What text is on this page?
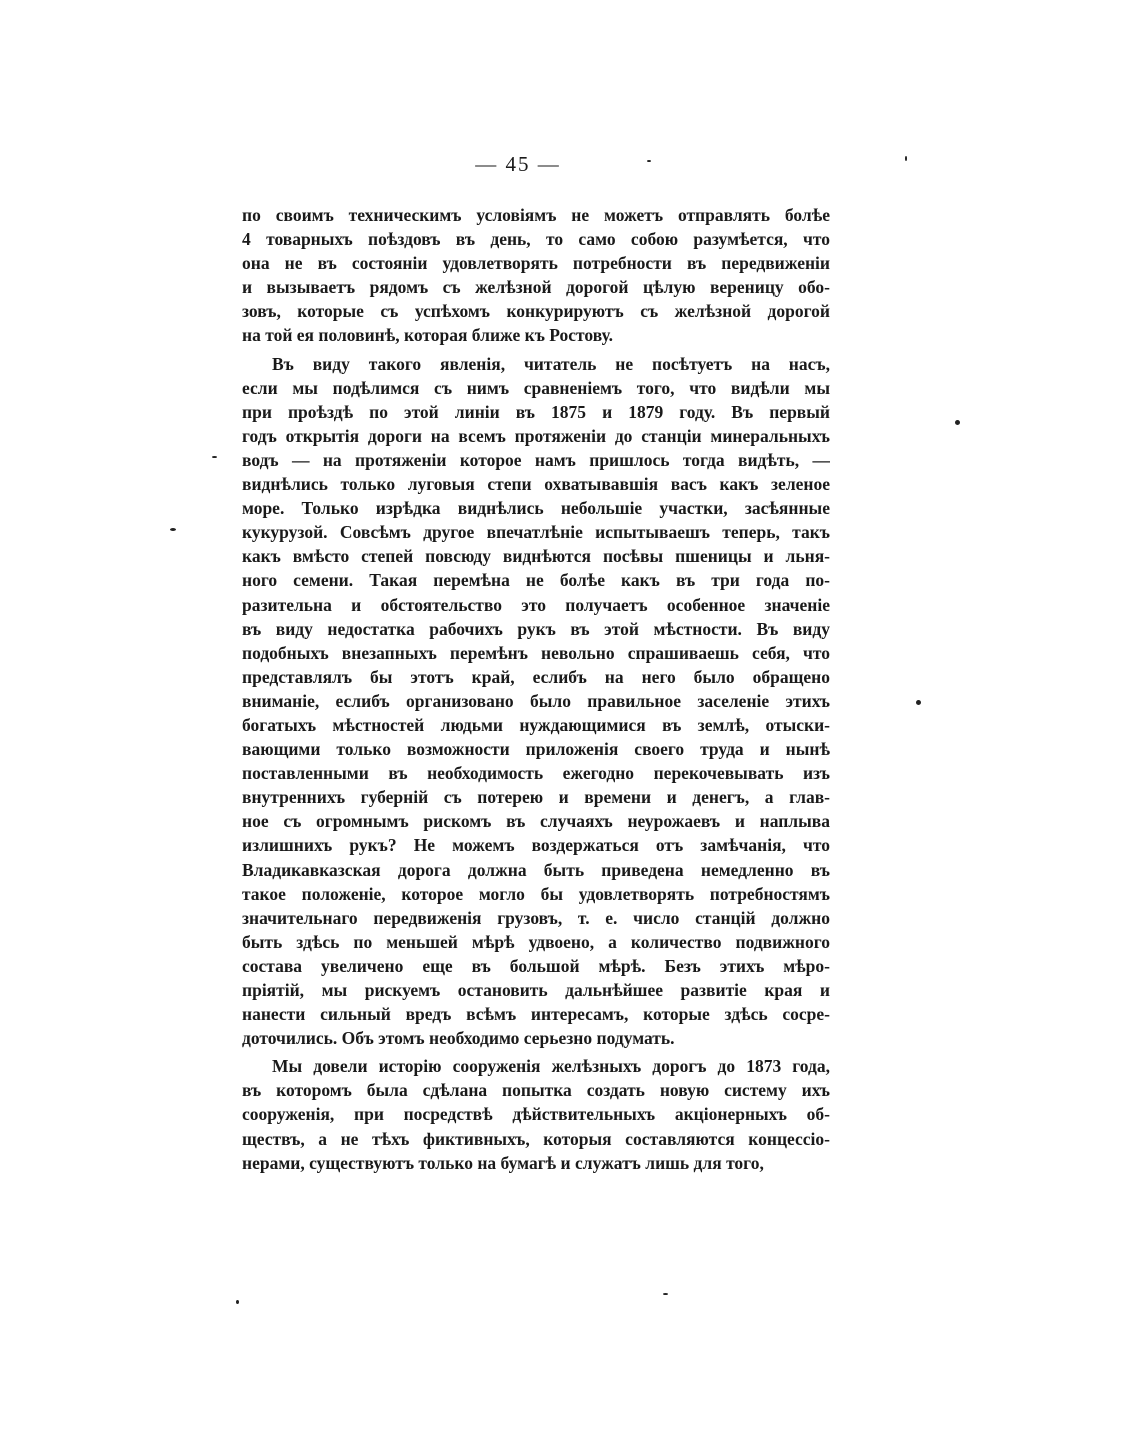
— 45 —
по своимъ техническимъ условіямъ не можетъ отправлять болѣе
4 товарныхъ поѣздовъ въ день, то само собою разумѣется, что
она не въ состояніи удовлетворять потребности въ передвиженіи
и вызываетъ рядомъ съ желѣзной дорогой цѣлую вереницу обо-
зовъ, которые съ успѣхомъ конкурируютъ съ желѣзной дорогой
на той ея половинѣ, которая ближе къ Ростову.
Въ виду такого явленія, читатель не посѣтуетъ на насъ,
если мы подѣлимся съ нимъ сравненіемъ того, что видѣли мы
при проѣздѣ по этой линіи въ 1875 и 1879 году. Въ первый
годъ открытія дороги на всемъ протяженіи до станціи минеральныхъ
водъ — на протяженіи которое намъ пришлось тогда видѣть, —
виднѣлись только луговыя степи охватывавшія васъ какъ зеленое
море. Только изрѣдка виднѣлись небольшіе участки, засѣянные
кукурузой. Совсѣмъ другое впечатлѣніе испытываешъ теперь, такъ
какъ вмѣсто степей повсюду виднѣются посѣвы пшеницы и льня-
ного семени. Такая перемѣна не болѣе какъ въ три года по-
разительна и обстоятельство это получаетъ особенное значеніе
въ виду недостатка рабочихъ рукъ въ этой мѣстности. Въ виду
подобныхъ внезапныхъ перемѣнъ невольно спрашиваешь себя, что
представлялъ бы этотъ край, еслибъ на него было обращено
вниманіе, еслибъ организовано было правильное заселеніе этихъ
богатыхъ мѣстностей людьми нуждающимися въ землѣ, отыски-
вающими только возможности приложенія своего труда и нынѣ
поставленными въ необходимость ежегодно перекочевывать изъ
внутреннихъ губерній съ потерею и времени и денегъ, а глав-
ное съ огромнымъ рискомъ въ случаяхъ неурожаевъ и наплыва
излишнихъ рукъ? Не можемъ воздержаться отъ замѣчанія, что
Владикавказская дорога должна быть приведена немедленно въ
такое положеніе, которое могло бы удовлетворять потребностямъ
значительнаго передвиженія грузовъ, т. е. число станцій должно
быть здѣсь по меньшей мѣрѣ удвоено, а количество подвижного
состава увеличено еще въ большой мѣрѣ. Безъ этихъ мѣро-
пріятій, мы рискуемъ остановить дальнѣйшее развитіе края и
нанести сильный вредъ всѣмъ интересамъ, которые здѣсь сосре-
доточились. Объ этомъ необходимо серьезно подумать.
Мы довели исторію сооруженія желѣзныхъ дорогъ до 1873 года,
въ которомъ была сдѣлана попытка создать новую систему ихъ
сооруженія, при посредствѣ дѣйствительныхъ акціонерныхъ об-
ществъ, а не тѣхъ фиктивныхъ, которыя составляются концессіо-
нерами, существуютъ только на бумагѣ и служатъ лишь для того,
